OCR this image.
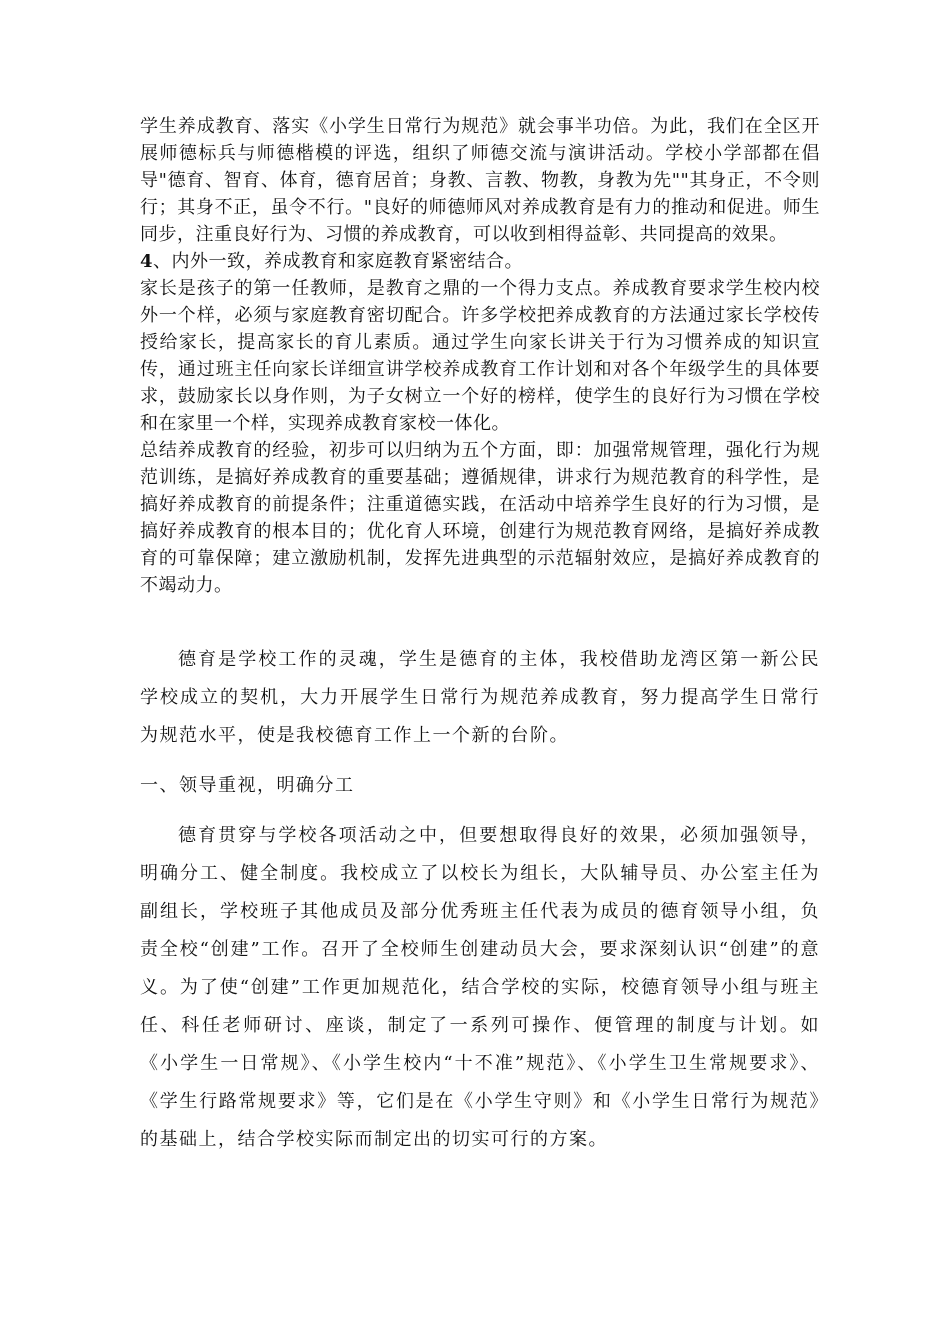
学生养成教育、落实《小学生日常行为规范》就会事半功倍。为此，我们在全区开展师德标兵与师德楷模的评选，组织了师德交流与演讲活动。学校小学部都在倡导"德育、智育、体育，德育居首；身教、言教、物教，身教为先""其身正，不令则行；其身不正，虽令不行。"良好的师德师风对养成教育是有力的推动和促进。师生同步，注重良好行为、习惯的养成教育，可以收到相得益彰、共同提高的效果。

4、内外一致，养成教育和家庭教育紧密结合。

家长是孩子的第一任教师，是教育之鼎的一个得力支点。养成教育要求学生校内校外一个样，必须与家庭教育密切配合。许多学校把养成教育的方法通过家长学校传授给家长，提高家长的育儿素质。通过学生向家长讲关于行为习惯养成的知识宣传，通过班主任向家长详细宣讲学校养成教育工作计划和对各个年级学生的具体要求，鼓励家长以身作则，为子女树立一个好的榜样，使学生的良好行为习惯在学校和在家里一个样，实现养成教育家校一体化。

总结养成教育的经验，初步可以归纳为五个方面，即：加强常规管理，强化行为规范训练，是搞好养成教育的重要基础；遵循规律，讲求行为规范教育的科学性，是搞好养成教育的前提条件；注重道德实践，在活动中培养学生良好的行为习惯，是搞好养成教育的根本目的；优化育人环境，创建行为规范教育网络，是搞好养成教育的可靠保障；建立激励机制，发挥先进典型的示范辐射效应，是搞好养成教育的不竭动力。

德育是学校工作的灵魂，学生是德育的主体，我校借助龙湾区第一新公民学校成立的契机，大力开展学生日常行为规范养成教育，努力提高学生日常行为规范水平，使是我校德育工作上一个新的台阶。

一、领导重视，明确分工

德育贯穿与学校各项活动之中，但要想取得良好的效果，必须加强领导，明确分工、健全制度。我校成立了以校长为组长，大队辅导员、办公室主任为副组长，学校班子其他成员及部分优秀班主任代表为成员的德育领导小组，负责全校“创建”工作。召开了全校师生创建动员大会，要求深刻认识“创建”的意义。为了使“创建”工作更加规范化，结合学校的实际，校德育领导小组与班主任、科任老师研讨、座谈，制定了一系列可操作、便管理的制度与计划。如《小学生一日常规》、《小学生校内“十不准”规范》、《小学生卫生常规要求》、《学生行路常规要求》等，它们是在《小学生守则》和《小学生日常行为规范》的基础上，结合学校实际而制定出的切实可行的方案。
